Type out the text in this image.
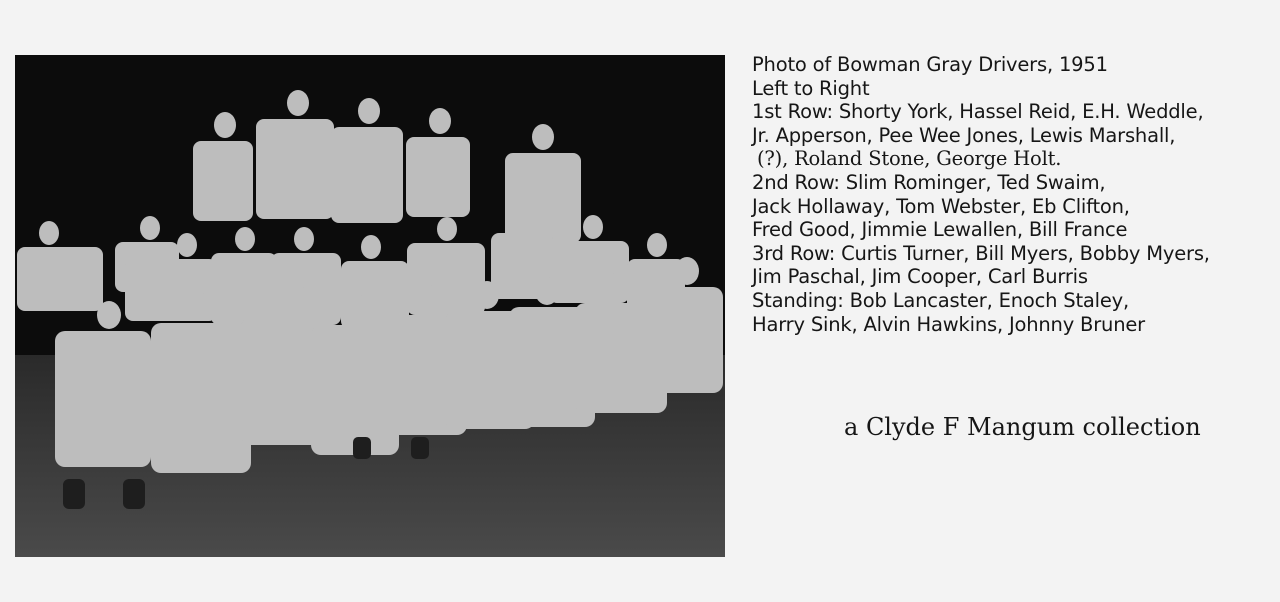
Photo of Bowman Gray Drivers, 1951
Left to Right
1st Row: Shorty York, Hassel Reid, E.H. Weddle,
Jr. Apperson, Pee Wee Jones, Lewis Marshall,
(?), Roland Stone, George Holt.
2nd Row: Slim Rominger, Ted Swaim,
Jack Hollaway, Tom Webster, Eb Clifton,
Fred Good, Jimmie Lewallen, Bill France
3rd Row: Curtis Turner, Bill Myers, Bobby Myers,
Jim Paschal, Jim Cooper, Carl Burris
Standing: Bob Lancaster, Enoch Staley,
Harry Sink, Alvin Hawkins, Johnny Bruner
a Clyde F Mangum collection
